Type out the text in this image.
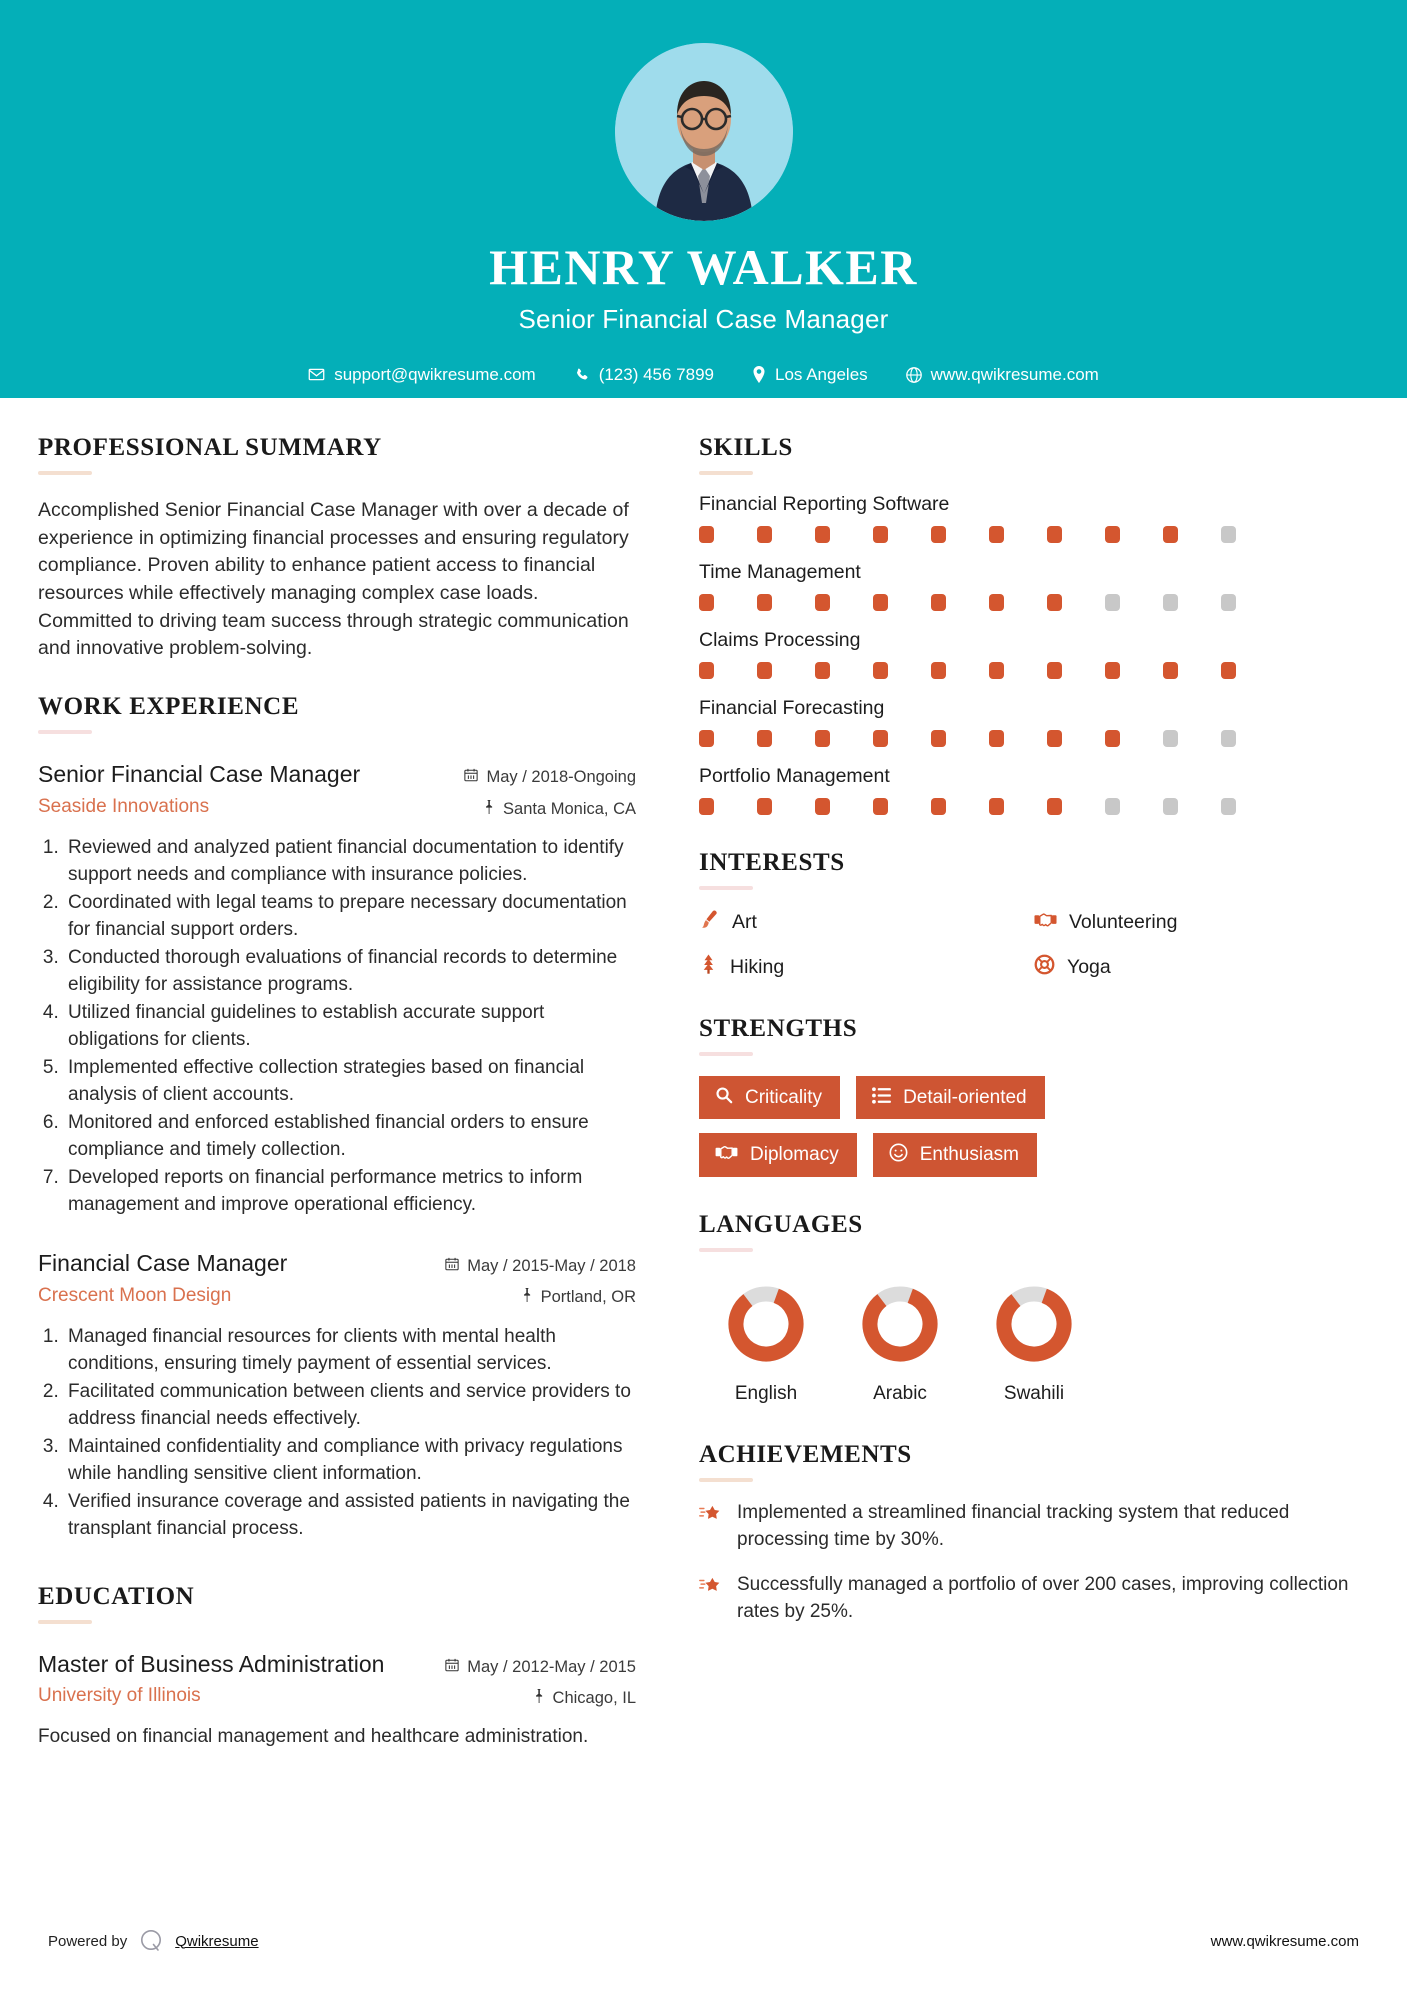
HENRY WALKER
Senior Financial Case Manager
support@qwikresume.com	(123) 456 7899	Los Angeles	www.qwikresume.com
PROFESSIONAL SUMMARY
Accomplished Senior Financial Case Manager with over a decade of experience in optimizing financial processes and ensuring regulatory compliance. Proven ability to enhance patient access to financial resources while effectively managing complex case loads. Committed to driving team success through strategic communication and innovative problem-solving.
WORK EXPERIENCE
Senior Financial Case Manager
Seaside Innovations
May / 2018-Ongoing
Santa Monica, CA
1. Reviewed and analyzed patient financial documentation to identify support needs and compliance with insurance policies.
2. Coordinated with legal teams to prepare necessary documentation for financial support orders.
3. Conducted thorough evaluations of financial records to determine eligibility for assistance programs.
4. Utilized financial guidelines to establish accurate support obligations for clients.
5. Implemented effective collection strategies based on financial analysis of client accounts.
6. Monitored and enforced established financial orders to ensure compliance and timely collection.
7. Developed reports on financial performance metrics to inform management and improve operational efficiency.
Financial Case Manager
Crescent Moon Design
May / 2015-May / 2018
Portland, OR
1. Managed financial resources for clients with mental health conditions, ensuring timely payment of essential services.
2. Facilitated communication between clients and service providers to address financial needs effectively.
3. Maintained confidentiality and compliance with privacy regulations while handling sensitive client information.
4. Verified insurance coverage and assisted patients in navigating the transplant financial process.
EDUCATION
Master of Business Administration
University of Illinois
May / 2012-May / 2015
Chicago, IL
Focused on financial management and healthcare administration.
SKILLS
Financial Reporting Software
Time Management
Claims Processing
Financial Forecasting
Portfolio Management
INTERESTS
Art	Volunteering
Hiking	Yoga
STRENGTHS
Criticality	Detail-oriented
Diplomacy	Enthusiasm
LANGUAGES
English	Arabic	Swahili
ACHIEVEMENTS
Implemented a streamlined financial tracking system that reduced processing time by 30%.
Successfully managed a portfolio of over 200 cases, improving collection rates by 25%.
Powered by	Qwikresume	www.qwikresume.com
